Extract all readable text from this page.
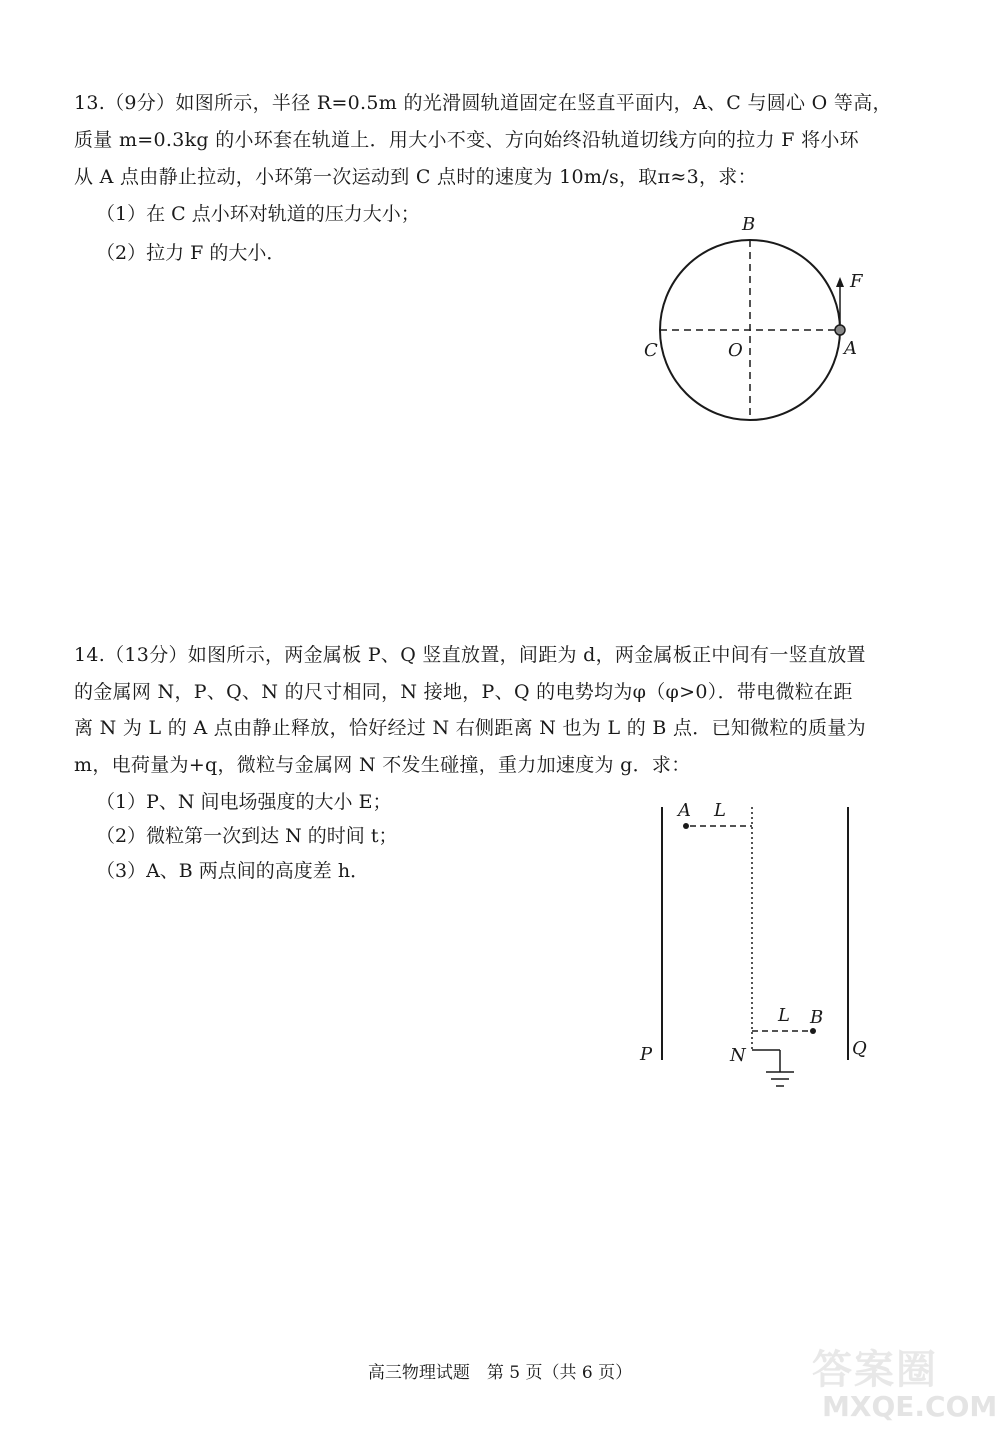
13.（9分）如图所示，半径 R=0.5m 的光滑圆轨道固定在竖直平面内，A、C 与圆心 O 等高，
质量 m=0.3kg 的小环套在轨道上．用大小不变、方向始终沿轨道切线方向的拉力 F 将小环
从 A 点由静止拉动，小环第一次运动到 C 点时的速度为 10m/s，取π≈3，求：
（1）在 C 点小环对轨道的压力大小；
（2）拉力 F 的大小．
B
F
C	O	A
14.（13分）如图所示，两金属板 P、Q 竖直放置，间距为 d，两金属板正中间有一竖直放置
的金属网 N，P、Q、N 的尺寸相同，N 接地，P、Q 的电势均为φ（φ>0）．带电微粒在距
离 N 为 L 的 A 点由静止释放，恰好经过 N 右侧距离 N 也为 L 的 B 点．已知微粒的质量为
m，电荷量为+q，微粒与金属网 N 不发生碰撞，重力加速度为 g．求：
（1）P、N 间电场强度的大小 E；
（2）微粒第一次到达 N 的时间 t；
（3）A、B 两点间的高度差 h．
A L
L B
P	N	Q
高三物理试题　第 5 页（共 6 页）	答案圈
MXQE.COM
